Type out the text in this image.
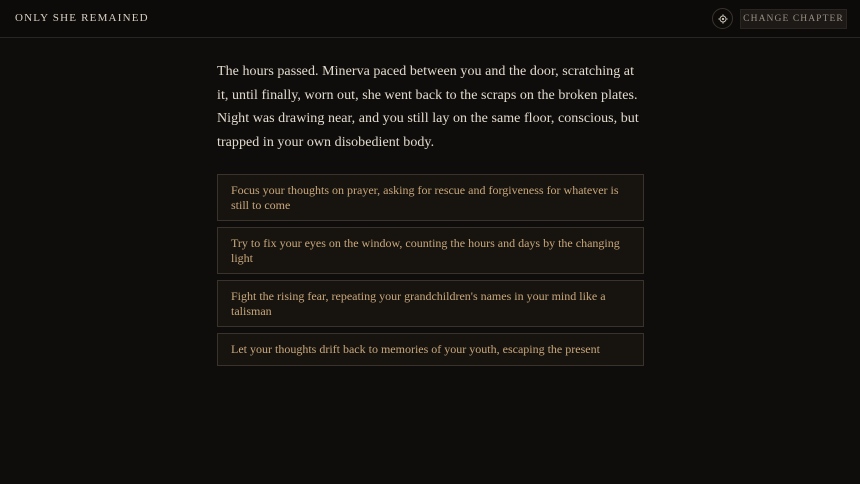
ONLY SHE REMAINED	CHANGE CHAPTER

The hours passed. Minerva paced between you and the door, scratching at it, until finally, worn out, she went back to the scraps on the broken plates. Night was drawing near, and you still lay on the same floor, conscious, but trapped in your own disobedient body.

Focus your thoughts on prayer, asking for rescue and forgiveness for whatever is still to come
Try to fix your eyes on the window, counting the hours and days by the changing light
Fight the rising fear, repeating your grandchildren's names in your mind like a talisman
Let your thoughts drift back to memories of your youth, escaping the present
